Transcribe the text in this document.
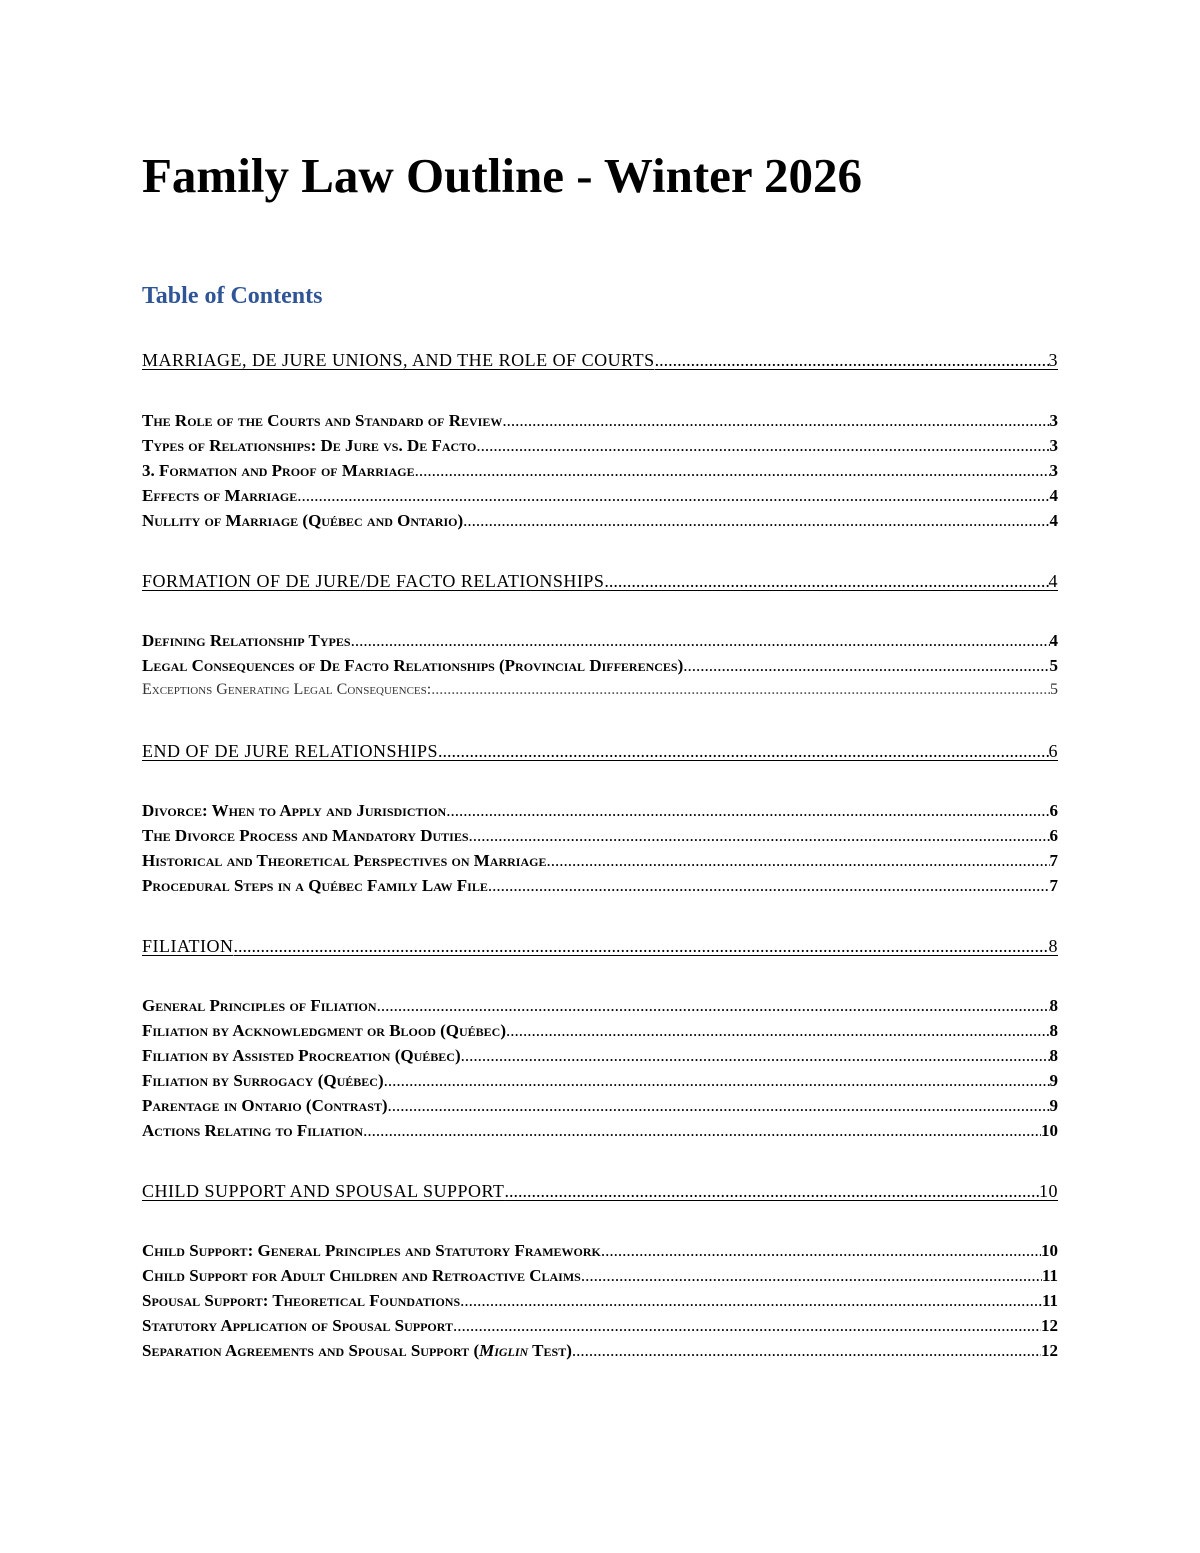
Family Law Outline - Winter 2026
Table of Contents
MARRIAGE, DE JURE UNIONS, AND THE ROLE OF COURTS .....	3
The Role of the Courts and Standard of Review .....	3
Types of Relationships: De Jure vs. De Facto .....	3
3. Formation and Proof of Marriage .....	3
Effects of Marriage .....	4
Nullity of Marriage (Québec and Ontario) .....	4
FORMATION OF DE JURE/DE FACTO RELATIONSHIPS .....	4
Defining Relationship Types .....	4
Legal Consequences of De Facto Relationships (Provincial Differences) .....	5
Exceptions Generating Legal Consequences: .....	5
END OF DE JURE RELATIONSHIPS .....	6
Divorce: When to Apply and Jurisdiction .....	6
The Divorce Process and Mandatory Duties .....	6
Historical and Theoretical Perspectives on Marriage .....	7
Procedural Steps in a Québec Family Law File .....	7
FILIATION .....	8
General Principles of Filiation .....	8
Filiation by Acknowledgment or Blood (Québec) .....	8
Filiation by Assisted Procreation (Québec) .....	8
Filiation by Surrogacy (Québec) .....	9
Parentage in Ontario (Contrast) .....	9
Actions Relating to Filiation .....	10
CHILD SUPPORT AND SPOUSAL SUPPORT .....	10
Child Support: General Principles and Statutory Framework .....	10
Child Support for Adult Children and Retroactive Claims .....	11
Spousal Support: Theoretical Foundations .....	11
Statutory Application of Spousal Support .....	12
Separation Agreements and Spousal Support (Miglin Test) .....	12
